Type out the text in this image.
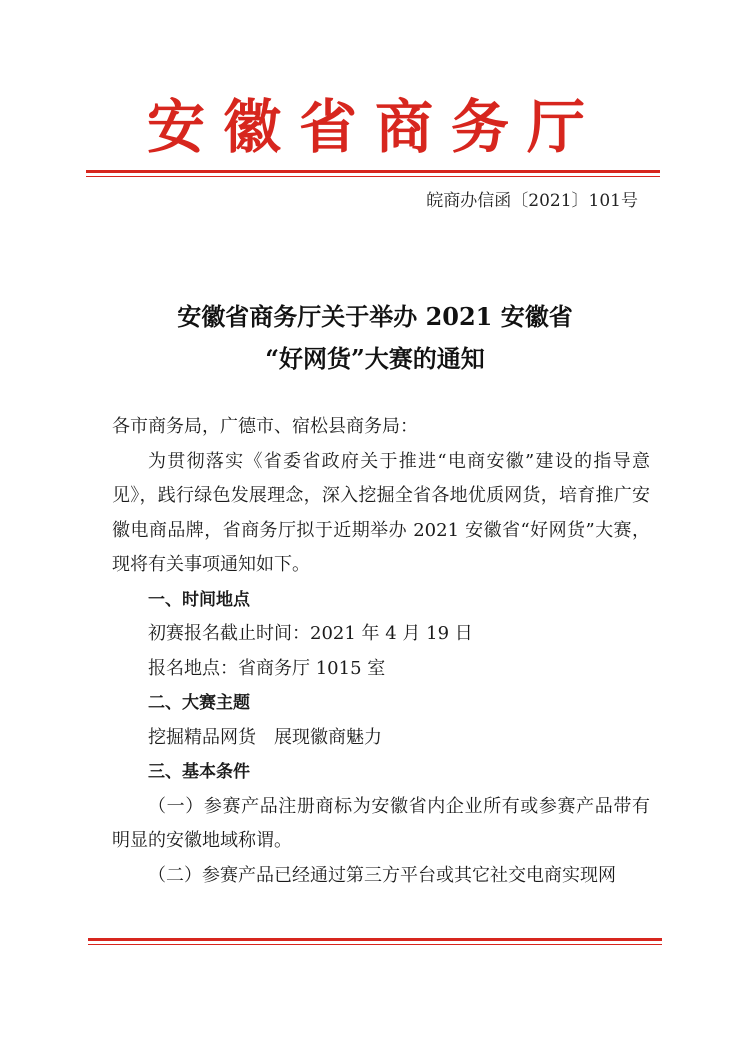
安徽省商务厅
皖商办信函〔2021〕101号
安徽省商务厅关于举办 2021 安徽省
“好网货”大赛的通知

各市商务局，广德市、宿松县商务局：

为贯彻落实《省委省政府关于推进“电商安徽”建设的指导意见》，践行绿色发展理念，深入挖掘全省各地优质网货，培育推广安徽电商品牌，省商务厅拟于近期举办 2021 安徽省“好网货”大赛，现将有关事项通知如下。

一、时间地点

初赛报名截止时间：2021 年 4 月 19 日

报名地点：省商务厅 1015 室

二、大赛主题

挖掘精品网货　展现徽商魅力

三、基本条件

（一）参赛产品注册商标为安徽省内企业所有或参赛产品带有明显的安徽地域称谓。

（二）参赛产品已经通过第三方平台或其它社交电商实现网
